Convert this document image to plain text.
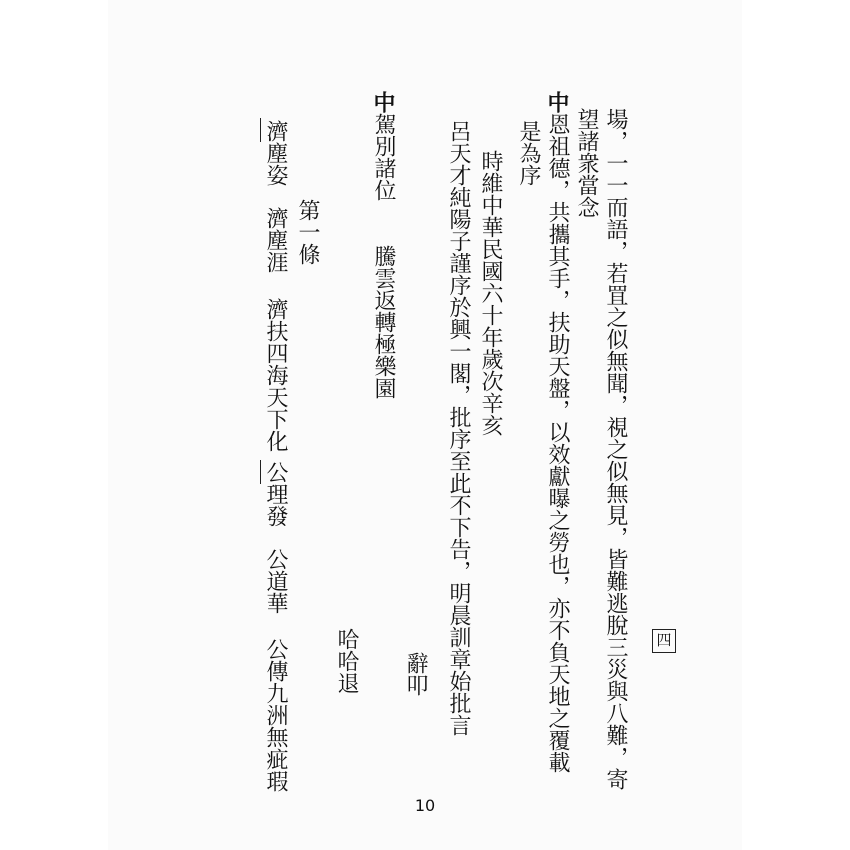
場，一一而語，若罝之似無聞，視之似無見，皆難逃脫三災與八難，寄
望諸衆當念
四
中恩祖德，共攜其手，扶助天盤，以效獻曝之勞也，亦不負天地之覆載
是為序
時維中華民國六十年歲次辛亥
呂天才純陽子謹序於興一閣，批序至此不下告，明晨訓章始批言
辭叩
中駕別諸位　　騰雲返轉極樂園
哈哈退
第一條
濟塵姿
濟塵涯
濟扶四海天下化
公理發
公道華
公傳九洲無疵瑕
10
